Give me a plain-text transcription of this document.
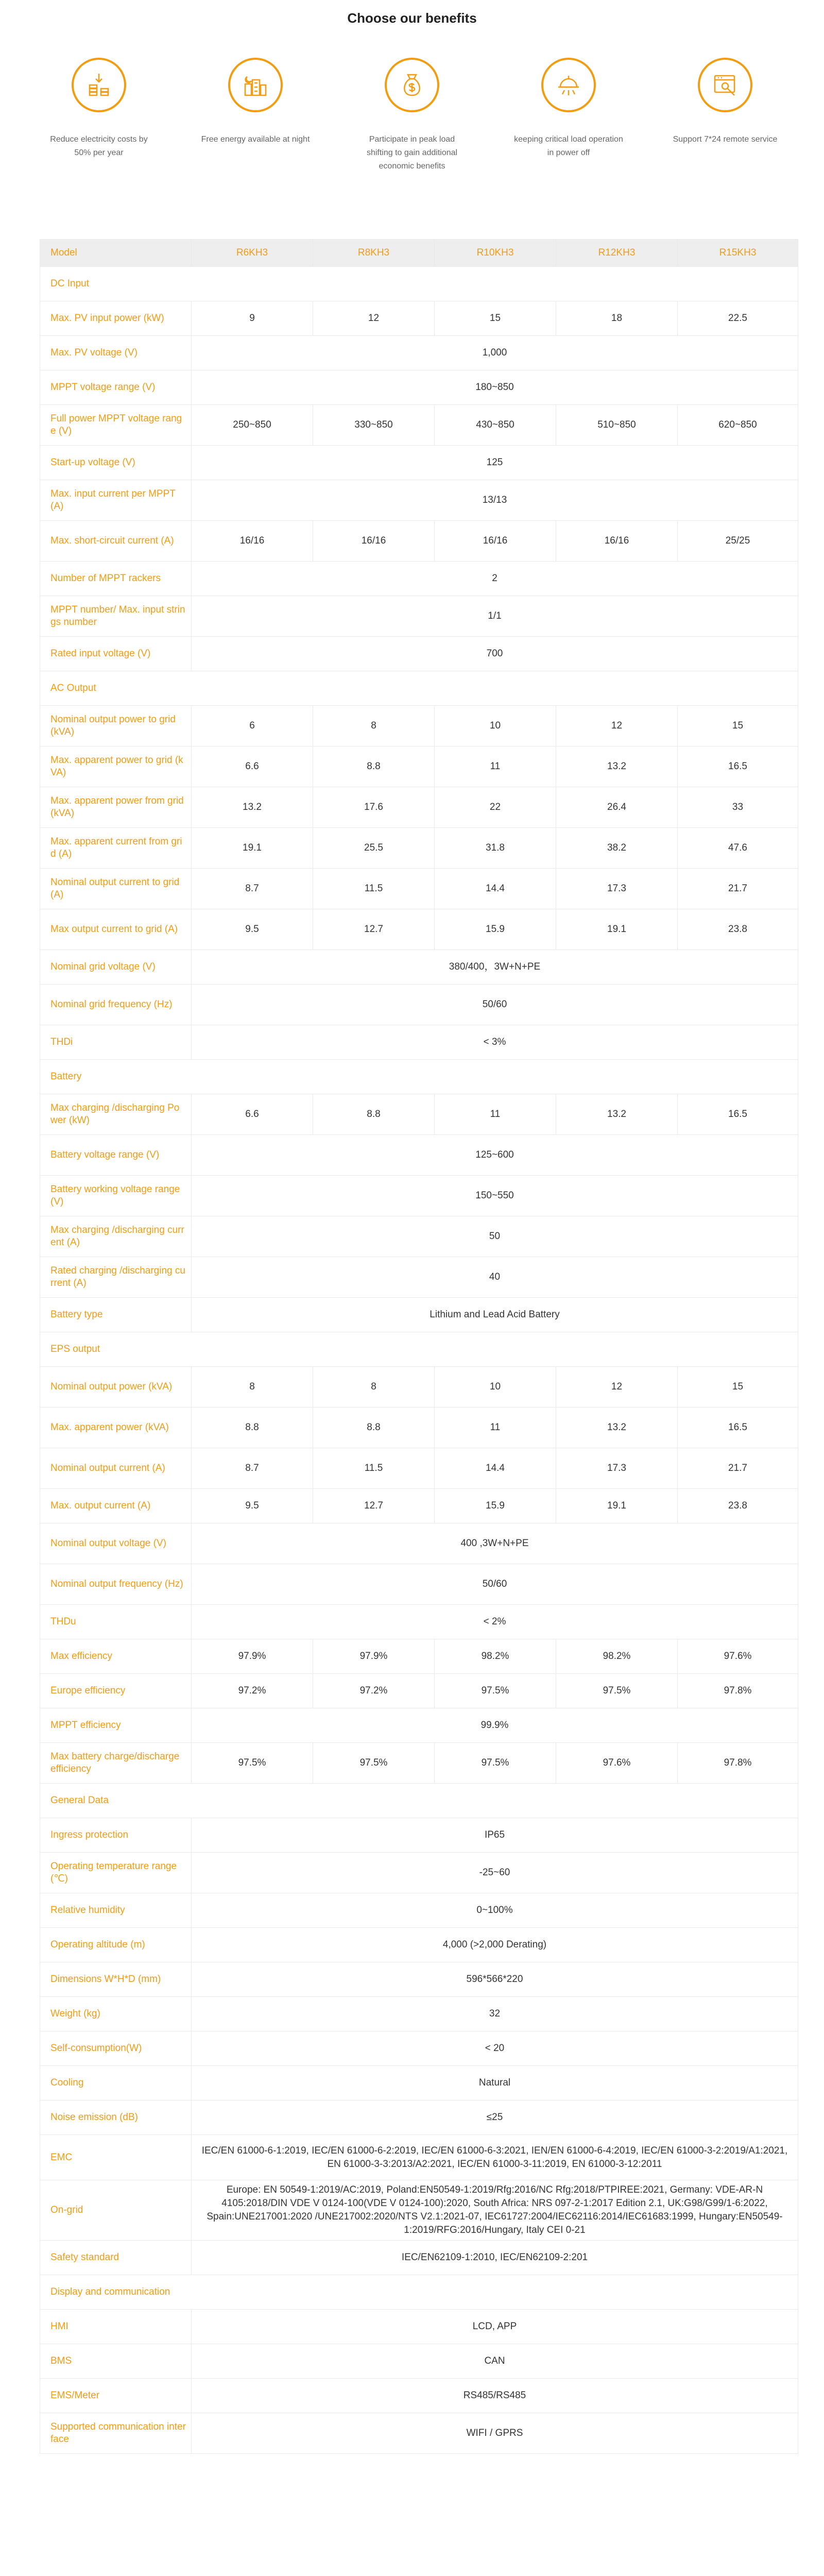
Choose our benefits
Reduce electricity costs by 50% per year
Free energy available at night	Participate in peak load shifting to gain additional economic benefits
keeping critical load operation in power off
Support 7*24 remote service
Model	R6KH3	R8KH3	R10KH3	R12KH3	R15KH3
DC Input					
Max. PV input power (kW)	9	12	15	18	22.5
Max. PV voltage (V)	1,000				
MPPT voltage range (V)	180~850				
Full power MPPT voltage range (V)	250~850	330~850	430~850	510~850	620~850
Start-up voltage (V)	125				
Max. input current per MPPT (A)	13/13				
Max. short-circuit current (A)	16/16	16/16	16/16	16/16	25/25
Number of MPPT rackers	2				
MPPT number/ Max. input strings number	1/1				
Rated input voltage (V)	700				
AC Output					
Nominal output power to grid (kVA)	6	8	10	12	15
Max. apparent power to grid (kVA)	6.6	8.8	11	13.2	16.5
Max. apparent power from grid (kVA)	13.2	17.6	22	26.4	33
Max. apparent current from grid (A)	19.1	25.5	31.8	38.2	47.6
Nominal output current to grid (A)	8.7	11.5	14.4	17.3	21.7
Max output current to grid (A)	9.5	12.7	15.9	19.1	23.8
Nominal grid voltage (V)	380/400，3W+N+PE				
Nominal grid frequency (Hz)	50/60				
THDi	< 3%				
Battery					
Max charging /discharging Power (kW)	6.6	8.8	11	13.2	16.5
Battery voltage range (V)	125~600				
Battery working voltage range (V)	150~550				
Max charging /discharging current (A)	50				
Rated charging /discharging current (A)	40				
Battery type	Lithium and Lead Acid Battery				
EPS output					
Nominal output power (kVA)	8	8	10	12	15
Max. apparent power (kVA)	8.8	8.8	11	13.2	16.5
Nominal output current (A)	8.7	11.5	14.4	17.3	21.7
Max. output current (A)	9.5	12.7	15.9	19.1	23.8
Nominal output voltage (V)	400 ,3W+N+PE				
Nominal output frequency (Hz)	50/60				
THDu	< 2%				
Max efficiency	97.9%	97.9%	98.2%	98.2%	97.6%
Europe efficiency	97.2%	97.2%	97.5%	97.5%	97.8%
MPPT efficiency	99.9%				
Max battery charge/discharge efficiency	97.5%	97.5%	97.5%	97.6%	97.8%
General Data					
Ingress protection	IP65				
Operating temperature range (℃)	-25~60				
Relative humidity	0~100%				
Operating altitude (m)	4,000 (>2,000 Derating)				
Dimensions W*H*D (mm)	596*566*220				
Weight (kg)	32				
Self-consumption(W)	< 20				
Cooling	Natural				
Noise emission (dB)	≤25				
EMC	IEC/EN 61000-6-1:2019, IEC/EN 61000-6-2:2019, IEC/EN 61000-6-3:2021, IEN/EN 61000-6-4:2019, IEC/EN 61000-3-2:2019/A1:2021, EN 61000-3-3:2013/A2:2021, IEC/EN 61000-3-11:2019, EN 61000-3-12:2011				
On-grid	Europe: EN 50549-1:2019/AC:2019, Poland:EN50549-1:2019/Rfg:2016/NC Rfg:2018/PTPIREE:2021, Germany: VDE-AR-N 4105:2018/DIN VDE V 0124-100(VDE V 0124-100):2020, South Africa: NRS 097-2-1:2017 Edition 2.1, UK:G98/G99/1-6:2022, Spain:UNE217001:2020 /UNE217002:2020/NTS V2.1:2021-07, IEC61727:2004/IEC62116:2014/IEC61683:1999, Hungary:EN50549-1:2019/RFG:2016/Hungary, Italy CEI 0-21				
Safety standard	IEC/EN62109-1:2010, IEC/EN62109-2:201				
Display and communication					
HMI	LCD, APP				
BMS	CAN				
EMS/Meter	RS485/RS485				
Supported communication interface	WIFI / GPRS				
